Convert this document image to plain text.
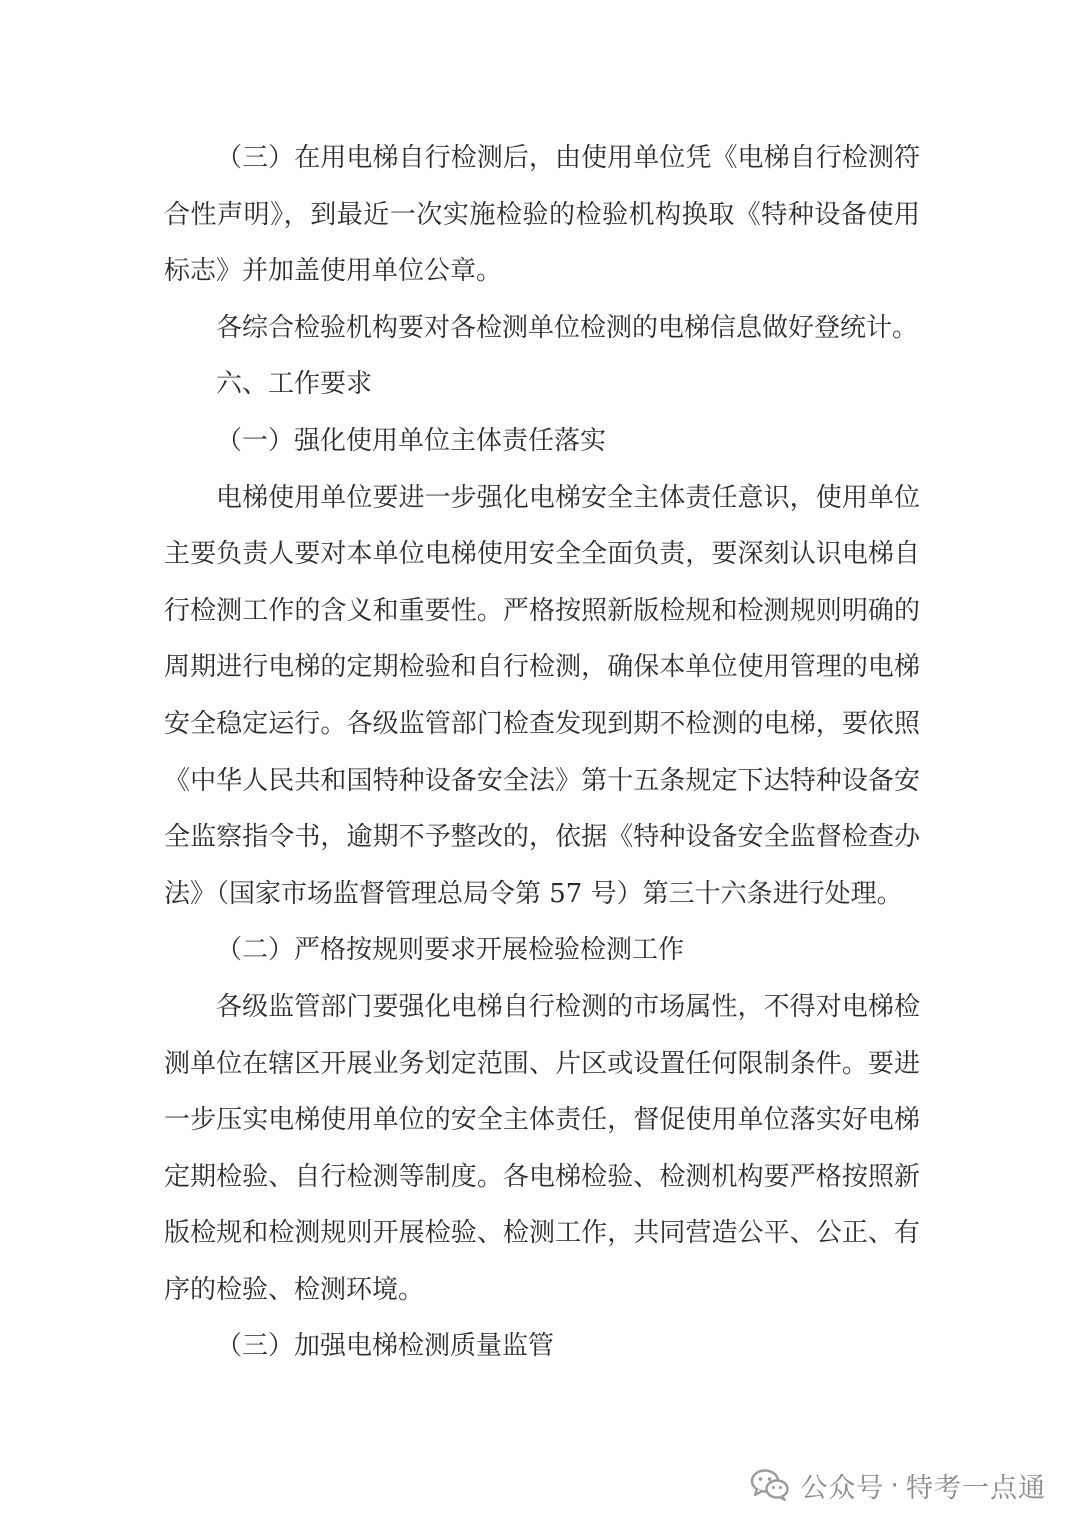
（三）在用电梯自行检测后，由使用单位凭《电梯自行检测符合性声明》，到最近一次实施检验的检验机构换取《特种设备使用标志》并加盖使用单位公章。

各综合检验机构要对各检测单位检测的电梯信息做好登统计。

六、工作要求

（一）强化使用单位主体责任落实

电梯使用单位要进一步强化电梯安全主体责任意识，使用单位主要负责人要对本单位电梯使用安全全面负责，要深刻认识电梯自行检测工作的含义和重要性。严格按照新版检规和检测规则明确的周期进行电梯的定期检验和自行检测，确保本单位使用管理的电梯安全稳定运行。各级监管部门检查发现到期不检测的电梯，要依照《中华人民共和国特种设备安全法》第十五条规定下达特种设备安全监察指令书，逾期不予整改的，依据《特种设备安全监督检查办法》（国家市场监督管理总局令第 57 号）第三十六条进行处理。

（二）严格按规则要求开展检验检测工作

各级监管部门要强化电梯自行检测的市场属性，不得对电梯检测单位在辖区开展业务划定范围、片区或设置任何限制条件。要进一步压实电梯使用单位的安全主体责任，督促使用单位落实好电梯定期检验、自行检测等制度。各电梯检验、检测机构要严格按照新版检规和检测规则开展检验、检测工作，共同营造公平、公正、有序的检验、检测环境。

（三）加强电梯检测质量监管

公众号 · 特考一点通
